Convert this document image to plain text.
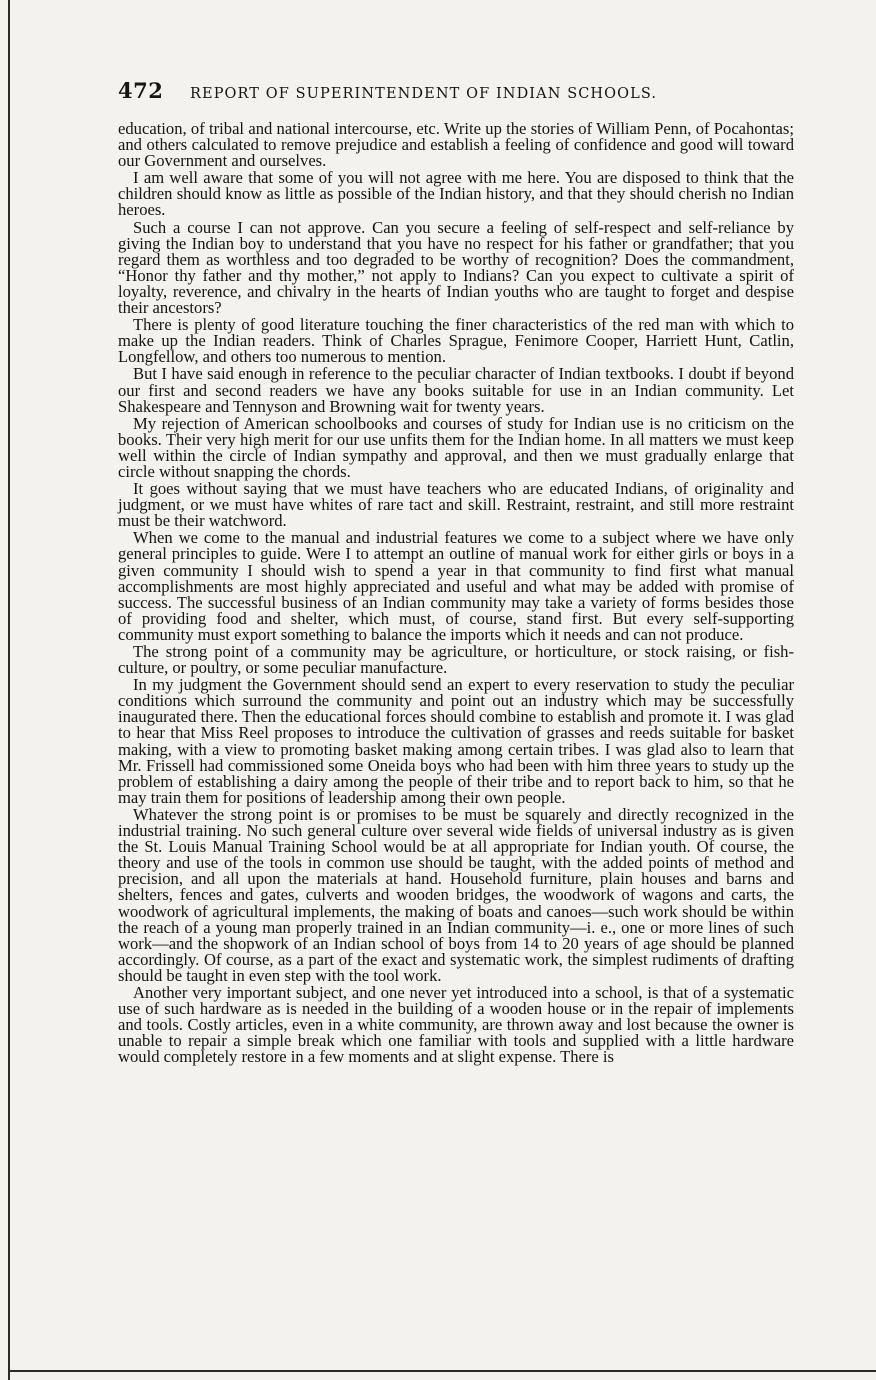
472	REPORT OF SUPERINTENDENT OF INDIAN SCHOOLS.

education, of tribal and national intercourse, etc. Write up the stories of William Penn, of Pocahontas; and others calculated to remove prejudice and establish a feeling of confidence and good will toward our Government and ourselves.

I am well aware that some of you will not agree with me here. You are disposed to think that the children should know as little as possible of the Indian history, and that they should cherish no Indian heroes.

Such a course I can not approve. Can you secure a feeling of self-respect and self-reliance by giving the Indian boy to understand that you have no respect for his father or grandfather; that you regard them as worthless and too degraded to be worthy of recognition? Does the commandment, “Honor thy father and thy mother,” not apply to Indians? Can you expect to cultivate a spirit of loyalty, reverence, and chivalry in the hearts of Indian youths who are taught to forget and despise their ancestors?

There is plenty of good literature touching the finer characteristics of the red man with which to make up the Indian readers. Think of Charles Sprague, Fenimore Cooper, Harriett Hunt, Catlin, Longfellow, and others too numerous to mention.

But I have said enough in reference to the peculiar character of Indian textbooks. I doubt if beyond our first and second readers we have any books suitable for use in an Indian community. Let Shakespeare and Tennyson and Browning wait for twenty years.

My rejection of American schoolbooks and courses of study for Indian use is no criticism on the books. Their very high merit for our use unfits them for the Indian home. In all matters we must keep well within the circle of Indian sympathy and approval, and then we must gradually enlarge that circle without snapping the chords.

It goes without saying that we must have teachers who are educated Indians, of originality and judgment, or we must have whites of rare tact and skill. Restraint, restraint, and still more restraint must be their watchword.

When we come to the manual and industrial features we come to a subject where we have only general principles to guide. Were I to attempt an outline of manual work for either girls or boys in a given community I should wish to spend a year in that community to find first what manual accomplishments are most highly appreciated and useful and what may be added with promise of success. The successful business of an Indian community may take a variety of forms besides those of providing food and shelter, which must, of course, stand first. But every self-supporting community must export something to balance the imports which it needs and can not produce.

The strong point of a community may be agriculture, or horticulture, or stock raising, or fish-culture, or poultry, or some peculiar manufacture.

In my judgment the Government should send an expert to every reservation to study the peculiar conditions which surround the community and point out an industry which may be successfully inaugurated there. Then the educational forces should combine to establish and promote it. I was glad to hear that Miss Reel proposes to introduce the cultivation of grasses and reeds suitable for basket making, with a view to promoting basket making among certain tribes. I was glad also to learn that Mr. Frissell had commissioned some Oneida boys who had been with him three years to study up the problem of establishing a dairy among the people of their tribe and to report back to him, so that he may train them for positions of leadership among their own people.

Whatever the strong point is or promises to be must be squarely and directly recognized in the industrial training. No such general culture over several wide fields of universal industry as is given the St. Louis Manual Training School would be at all appropriate for Indian youth. Of course, the theory and use of the tools in common use should be taught, with the added points of method and precision, and all upon the materials at hand. Household furniture, plain houses and barns and shelters, fences and gates, culverts and wooden bridges, the woodwork of wagons and carts, the woodwork of agricultural implements, the making of boats and canoes—such work should be within the reach of a young man properly trained in an Indian community—i. e., one or more lines of such work—and the shopwork of an Indian school of boys from 14 to 20 years of age should be planned accordingly. Of course, as a part of the exact and systematic work, the simplest rudiments of drafting should be taught in even step with the tool work.

Another very important subject, and one never yet introduced into a school, is that of a systematic use of such hardware as is needed in the building of a wooden house or in the repair of implements and tools. Costly articles, even in a white community, are thrown away and lost because the owner is unable to repair a simple break which one familiar with tools and supplied with a little hardware would completely restore in a few moments and at slight expense. There is
